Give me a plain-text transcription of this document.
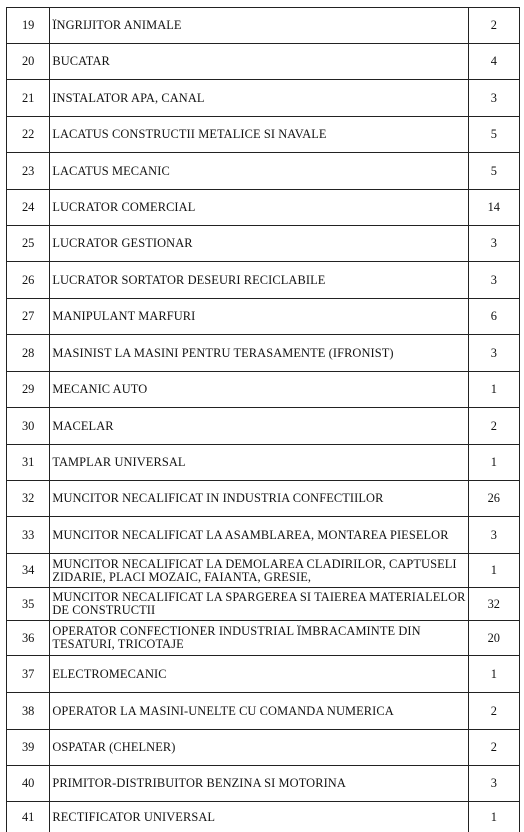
19	ÎNGRIJITOR ANIMALE	2
20	BUCATAR	4
21	INSTALATOR APA, CANAL	3
22	LACATUS CONSTRUCTII METALICE SI NAVALE	5
23	LACATUS MECANIC	5
24	LUCRATOR COMERCIAL	14
25	LUCRATOR GESTIONAR	3
26	LUCRATOR SORTATOR DESEURI RECICLABILE	3
27	MANIPULANT MARFURI	6
28	MASINIST LA MASINI PENTRU TERASAMENTE (IFRONIST)	3
29	MECANIC AUTO	1
30	MACELAR	2
31	TAMPLAR UNIVERSAL	1
32	MUNCITOR NECALIFICAT IN INDUSTRIA CONFECTIILOR	26
33	MUNCITOR NECALIFICAT LA ASAMBLAREA, MONTAREA PIESELOR	3
34	MUNCITOR NECALIFICAT LA DEMOLAREA CLADIRILOR, CAPTUSELI ZIDARIE, PLACI MOZAIC, FAIANTA, GRESIE,	1
35	MUNCITOR NECALIFICAT LA SPARGEREA SI TAIEREA MATERIALELOR DE CONSTRUCTII	32
36	OPERATOR CONFECTIONER INDUSTRIAL ÎMBRACAMINTE DIN TESATURI, TRICOTAJE	20
37	ELECTROMECANIC	1
38	OPERATOR LA MASINI-UNELTE CU COMANDA NUMERICA	2
39	OSPATAR (CHELNER)	2
40	PRIMITOR-DISTRIBUITOR BENZINA SI MOTORINA	3
41	RECTIFICATOR UNIVERSAL	1
